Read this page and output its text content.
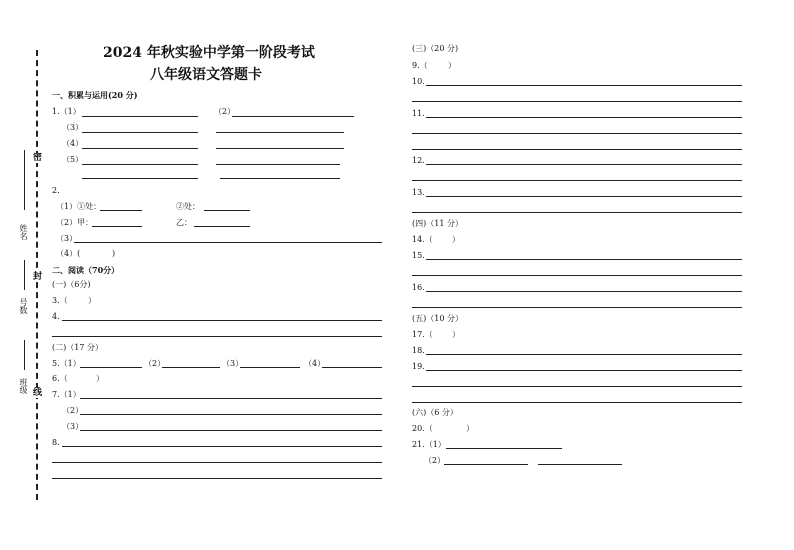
密
封
线
姓名
号数
班级
2024 年秋实验中学第一阶段考试
八年级语文答题卡
一、积累与运用(20 分)
1.（1）	（2）
（3）
（4）
（5）
2.
（1）①处：	②处：
（2）甲：	乙：
（3）
（4）(	)
二、阅读（70分）
(一)（6分)
3.（	）
4.
(二)（17 分）
5.（1）	（2）	（3）	（4）
6.（	）
7.（1）
（2）
（3）
8.
(三)（20 分)
9.（	）
10.
11.
12.
13.
(四)（11 分）
14.（ ）
15.
16.
(五)（10 分）
17.（ ）
18.
19.
(六)（6 分）
20.（	）
21.（1）
（2）
